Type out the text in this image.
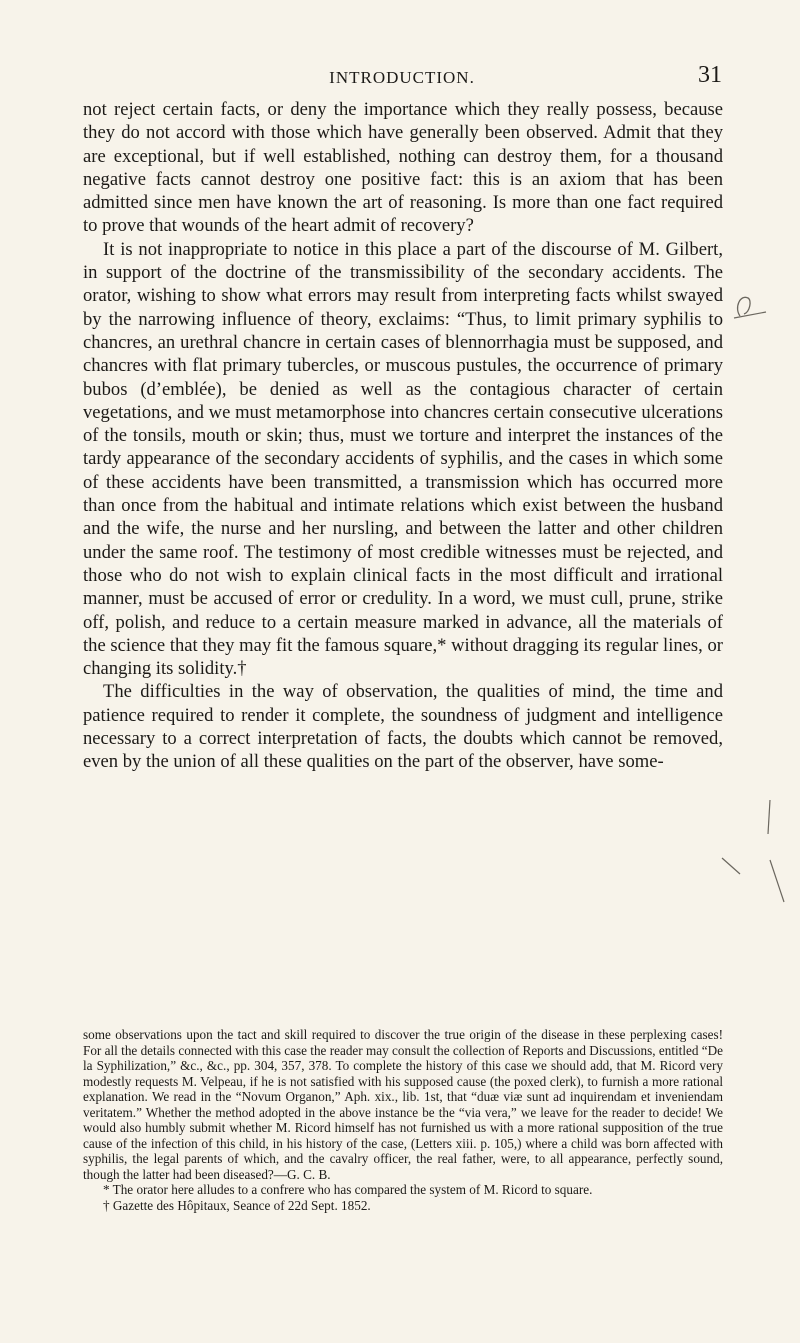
INTRODUCTION.	31

not reject certain facts, or deny the importance which they really possess, because they do not accord with those which have generally been observed. Admit that they are exceptional, but if well established, nothing can destroy them, for a thousand negative facts cannot destroy one positive fact: this is an axiom that has been admitted since men have known the art of reasoning. Is more than one fact required to prove that wounds of the heart admit of recovery?

It is not inappropriate to notice in this place a part of the discourse of M. Gilbert, in support of the doctrine of the transmissibility of the secondary accidents. The orator, wishing to show what errors may result from interpreting facts whilst swayed by the narrowing influence of theory, exclaims: “Thus, to limit primary syphilis to chancres, an urethral chancre in certain cases of blennorrhagia must be supposed, and chancres with flat primary tubercles, or muscous pustules, the occurrence of primary bubos (d’emblée), be denied as well as the contagious character of certain vegetations, and we must metamorphose into chancres certain consecutive ulcerations of the tonsils, mouth or skin; thus, must we torture and interpret the instances of the tardy appearance of the secondary accidents of syphilis, and the cases in which some of these accidents have been transmitted, a transmission which has occurred more than once from the habitual and intimate relations which exist between the husband and the wife, the nurse and her nursling, and between the latter and other children under the same roof. The testimony of most credible witnesses must be rejected, and those who do not wish to explain clinical facts in the most difficult and irrational manner, must be accused of error or credulity. In a word, we must cull, prune, strike off, polish, and reduce to a certain measure marked in advance, all the materials of the science that they may fit the famous square,* without dragging its regular lines, or changing its solidity.†

The difficulties in the way of observation, the qualities of mind, the time and patience required to render it complete, the soundness of judgment and intelligence necessary to a correct interpretation of facts, the doubts which cannot be removed, even by the union of all these qualities on the part of the observer, have some-

some observations upon the tact and skill required to discover the true origin of the disease in these perplexing cases! For all the details connected with this case the reader may consult the collection of Reports and Discussions, entitled “De la Syphilization,” &c., &c., pp. 304, 357, 378. To complete the history of this case we should add, that M. Ricord very modestly requests M. Velpeau, if he is not satisfied with his supposed cause (the poxed clerk), to furnish a more rational explanation. We read in the “Novum Organon,” Aph. xix., lib. 1st, that “duæ viæ sunt ad inquirendam et inveniendam veritatem.” Whether the method adopted in the above instance be the “via vera,” we leave for the reader to decide! We would also humbly submit whether M. Ricord himself has not furnished us with a more rational supposition of the true cause of the infection of this child, in his history of the case, (Letters xiii. p. 105,) where a child was born affected with syphilis, the legal parents of which, and the cavalry officer, the real father, were, to all appearance, perfectly sound, though the latter had been diseased?—G. C. B.

* The orator here alludes to a confrere who has compared the system of M. Ricord to square.

† Gazette des Hôpitaux, Seance of 22d Sept. 1852.
